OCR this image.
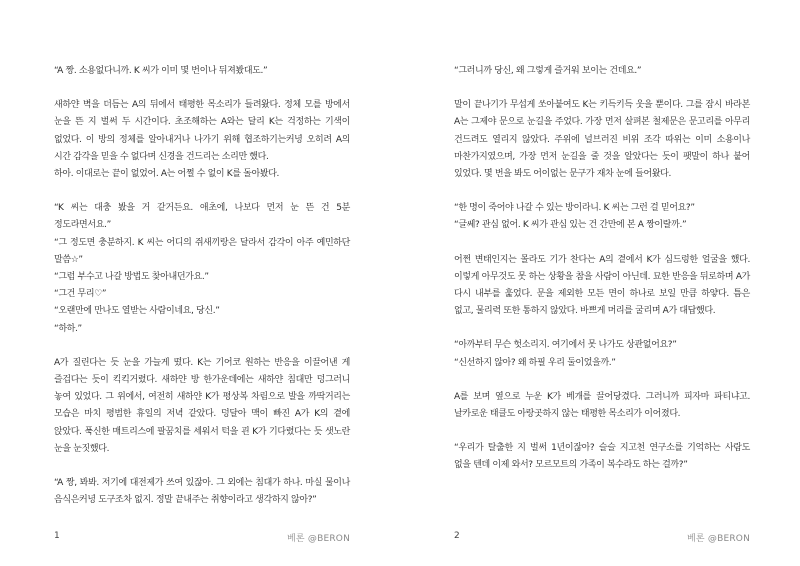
“A 짱. 소용없다니까. K 씨가 이미 몇 번이나 뒤져봤대도.”

새하얀 벽을 더듬는 A의 뒤에서 태평한 목소리가 들려왔다. 정체 모를 방에서 눈을 뜬 지 벌써 두 시간이다. 초조해하는 A와는 달리 K는 걱정하는 기색이 없었다. 이 방의 정체를 알아내거나 나가기 위해 협조하기는커녕 오히려 A의 시간 감각을 믿을 수 없다며 신경을 건드리는 소리만 했다.

하아. 이대로는 끝이 없었어. A는 어쩔 수 없이 K를 돌아봤다.

“K 씨는 대충 봤을 거 같거든요. 애초에, 나보다 먼저 눈 뜬 건 5분 정도라면서요.”

“그 정도면 충분하지. K 씨는 어디의 쥐새끼랑은 달라서 감각이 아주 예민하단 말씀☆”

“그럼 부수고 나갈 방법도 찾아내던가요.”

“그건 무리♡”

“오랜만에 만나도 열받는 사람이네요, 당신.”

“하하.”

A가 질린다는 듯 눈을 가늘게 떴다. K는 기어코 원하는 반응을 이끌어낸 게 즐겁다는 듯이 킥킥거렸다. 새하얀 방 한가운데에는 새하얀 침대만 덩그러니 놓여 있었다. 그 위에서, 여전히 새하얀 K가 평상복 차림으로 발을 까딱거리는 모습은 마치 평범한 휴일의 저녁 같았다. 덩달아 맥이 빠진 A가 K의 곁에 앉았다. 푹신한 매트리스에 팔꿈치를 세워서 턱을 괸 K가 기다렸다는 듯 샛노란 눈을 눈짓했다.

“A 짱, 봐봐. 저기에 대전제가 쓰여 있잖아. 그 외에는 침대가 하나. 마실 물이나 음식은커녕 도구조차 없지. 정말 끝내주는 취향이라고 생각하지 않아?”

1	베론 @BERON

“그러니까 당신, 왜 그렇게 즐거워 보이는 건데요.”

말이 끝나기가 무섭게 쏘아붙여도 K는 키득키득 웃을 뿐이다. 그를 잠시 바라본 A는 그제야 문으로 눈길을 주었다. 가장 먼저 살펴본 철제문은 문고리를 아무리 건드려도 열리지 않았다. 주위에 널브러진 비위 조각 따위는 이미 소용이나 마찬가지였으며, 가장 먼저 눈길을 줄 것을 알았다는 듯이 팻말이 하나 붙어 있었다. 몇 번을 봐도 어이없는 문구가 재차 눈에 들어왔다.

“한 명이 죽어야 나갈 수 있는 방이라니. K 씨는 그런 걸 믿어요?”

“글쎄? 관심 없어. K 씨가 관심 있는 건 간만에 본 A 짱이랄까.”

어쩐 변태인지는 몰라도 기가 찬다는 A의 곁에서 K가 심드렁한 얼굴을 했다. 이렇게 아무것도 못 하는 상황을 참을 사람이 아닌데. 묘한 반응을 뒤로하며 A가 다시 내부를 훑었다. 문을 제외한 모든 면이 하나로 보일 만큼 하얗다. 틈은 없고, 물리력 또한 통하지 않았다. 바쁘게 머리를 굴리며 A가 대답했다.

“아까부터 무슨 헛소리지. 여기에서 못 나가도 상관없어요?”

“신선하지 않아? 왜 하필 우리 둘이었을까.”

A를 보며 옆으로 누운 K가 베개를 끌어당겼다. 그러니까 피자마 파티냐고. 날카로운 태클도 아랑곳하지 않는 태평한 목소리가 이어졌다.

“우리가 탈출한 지 벌써 1년이잖아? 슬슬 지고천 연구소를 기억하는 사람도 없을 텐데 이제 와서? 모르모트의 가족이 복수라도 하는 걸까?”

2	베론 @BERON
